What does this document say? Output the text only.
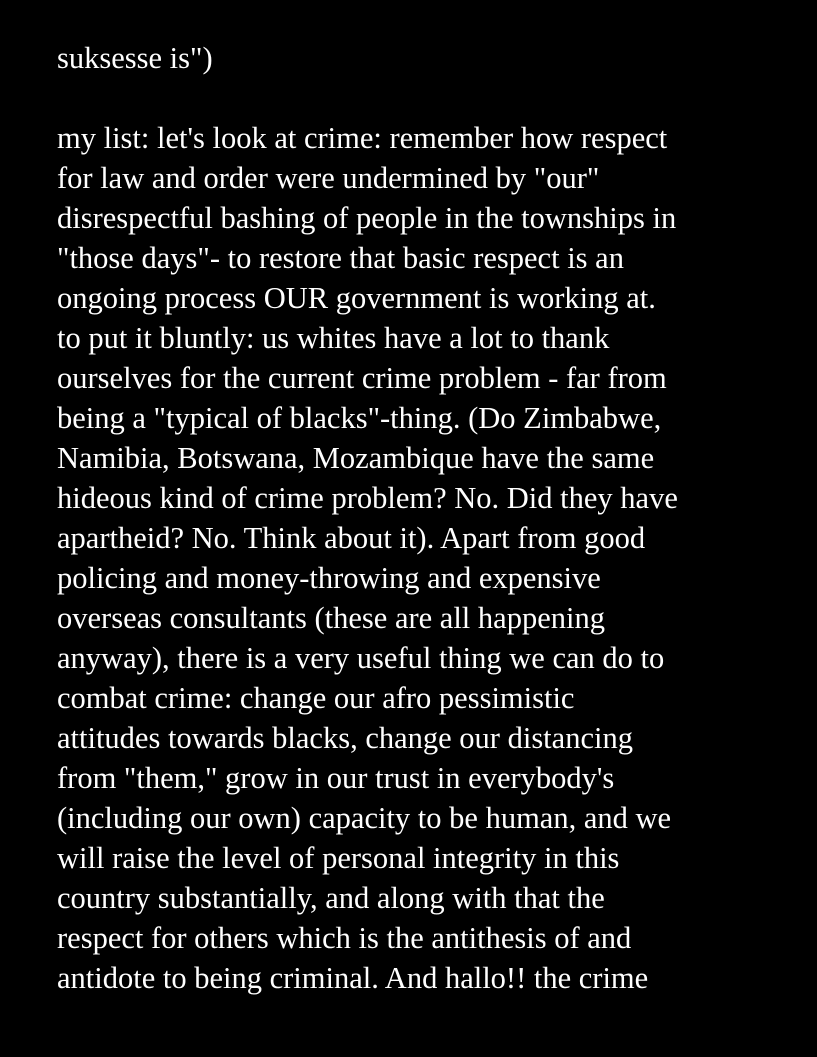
suksesse is")
my list: let's look at crime: remember how respect
for law and order were undermined by "our"
disrespectful bashing of people in the townships in
"those days"- to restore that basic respect is an
ongoing process OUR government is working at.
to put it bluntly: us whites have a lot to thank
ourselves for the current crime problem - far from
being a "typical of blacks"-thing. (Do Zimbabwe,
Namibia, Botswana, Mozambique have the same
hideous kind of crime problem? No. Did they have
apartheid? No. Think about it). Apart from good
policing and money-throwing and expensive
overseas consultants (these are all happening
anyway), there is a very useful thing we can do to
combat crime: change our afro pessimistic
attitudes towards blacks, change our distancing
from "them," grow in our trust in everybody's
(including our own) capacity to be human, and we
will raise the level of personal integrity in this
country substantially, and along with that the
respect for others which is the antithesis of and
antidote to being criminal. And hallo!! the crime
